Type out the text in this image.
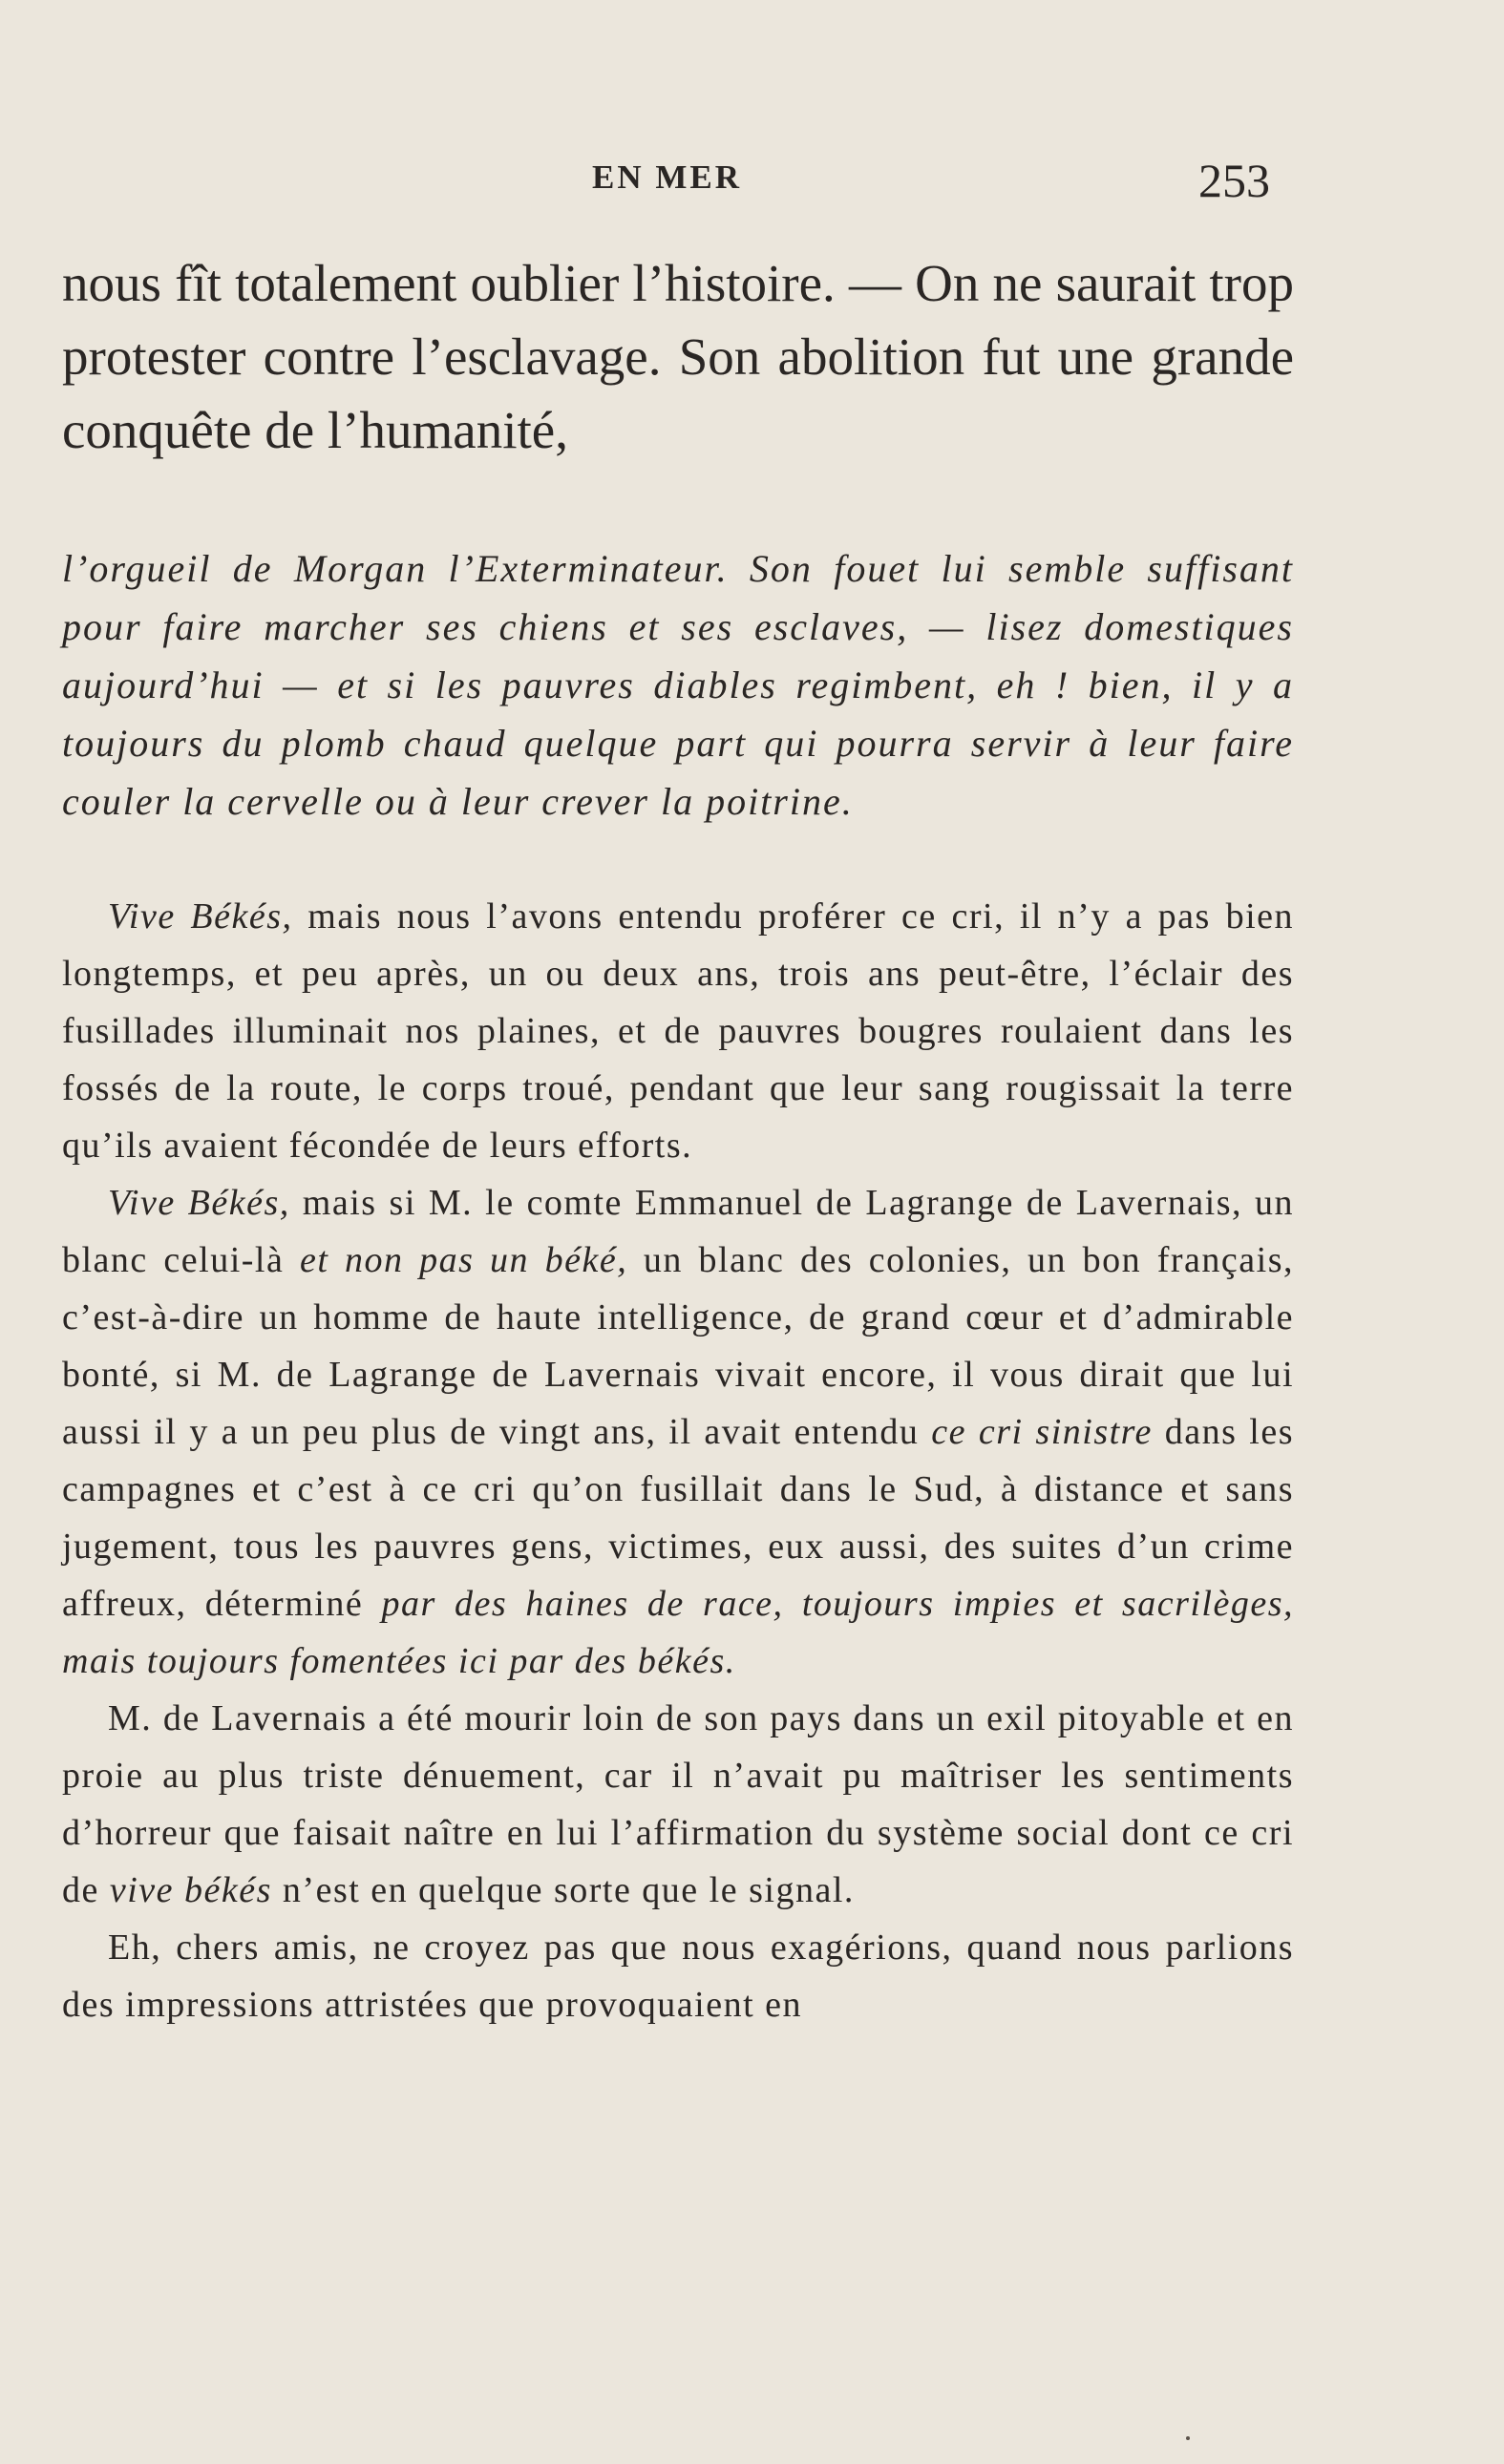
EN MER	253
nous fît totalement oublier l’histoire. — On ne saurait trop protester contre l’esclavage. Son abolition fut une grande conquête de l’humanité,
l’orgueil de Morgan l’Exterminateur. Son fouet lui semble suffisant pour faire marcher ses chiens et ses esclaves, — lisez domestiques aujourd’hui — et si les pauvres diables regimbent, eh ! bien, il y a toujours du plomb chaud quelque part qui pourra servir à leur faire couler la cervelle ou à leur crever la poitrine.

Vive Békés, mais nous l’avons entendu proférer ce cri, il n’y a pas bien longtemps, et peu après, un ou deux ans, trois ans peut-être, l’éclair des fusillades illuminait nos plaines, et de pauvres bougres roulaient dans les fossés de la route, le corps troué, pendant que leur sang rougissait la terre qu’ils avaient fécondée de leurs efforts.

Vive Békés, mais si M. le comte Emmanuel de Lagrange de Lavernais, un blanc celui-là et non pas un béké, un blanc des colonies, un bon français, c’est-à-dire un homme de haute intelligence, de grand cœur et d’admirable bonté, si M. de Lagrange de Lavernais vivait encore, il vous dirait que lui aussi il y a un peu plus de vingt ans, il avait entendu ce cri sinistre dans les campagnes et c’est à ce cri qu’on fusillait dans le Sud, à distance et sans jugement, tous les pauvres gens, victimes, eux aussi, des suites d’un crime affreux, déterminé par des haines de race, toujours impies et sacrilèges, mais toujours fomentées ici par des békés.

M. de Lavernais a été mourir loin de son pays dans un exil pitoyable et en proie au plus triste dénuement, car il n’avait pu maîtriser les sentiments d’horreur que faisait naître en lui l’affirmation du système social dont ce cri de vive békés n’est en quelque sorte que le signal.

Eh, chers amis, ne croyez pas que nous exagérions, quand nous parlions des impressions attristées que provoquaient en
